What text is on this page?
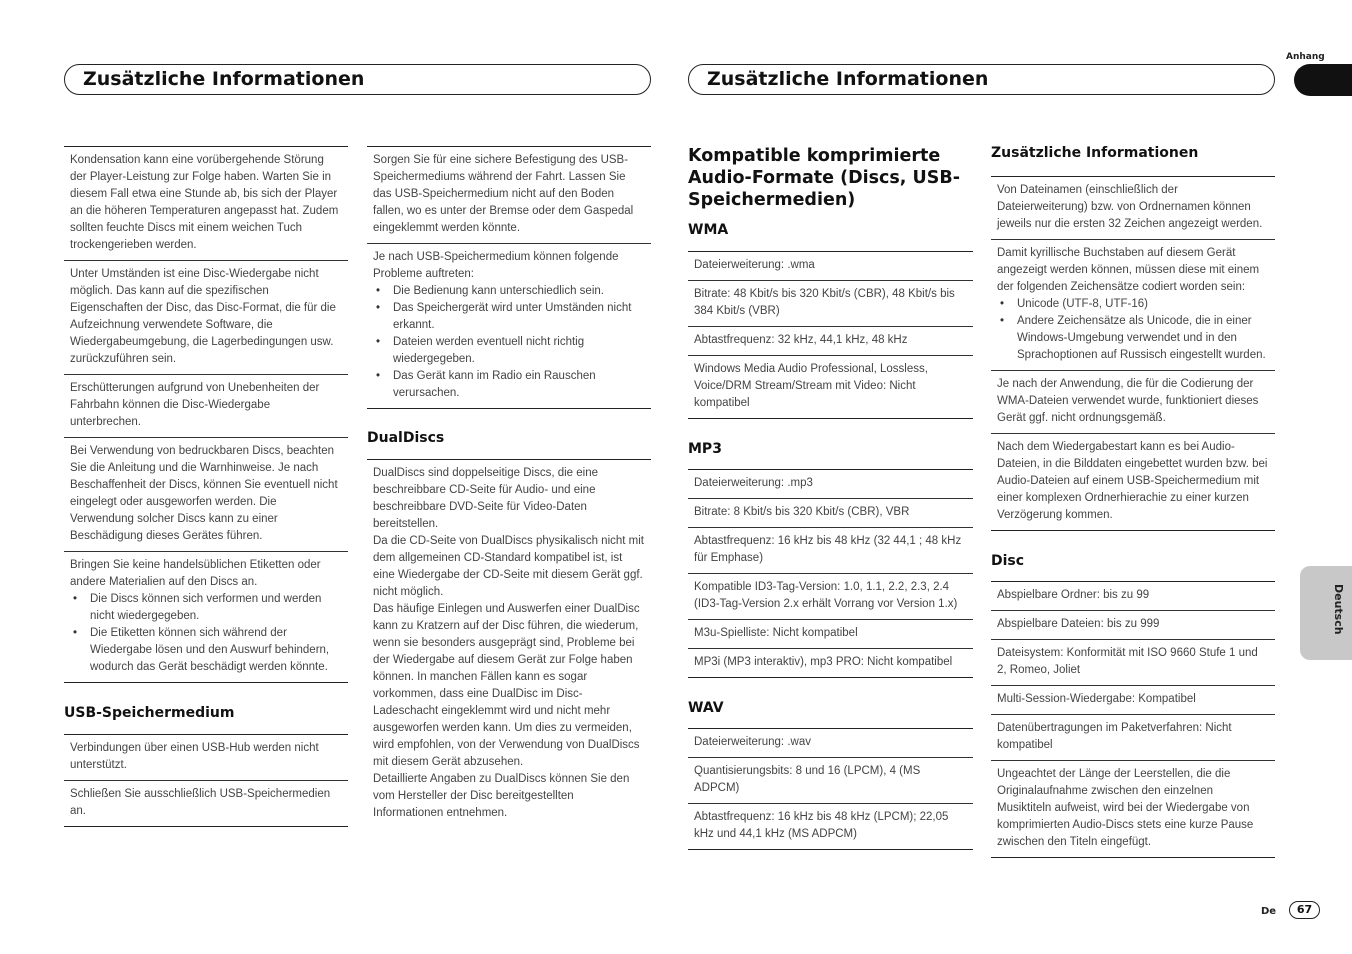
Zusätzliche Informationen	Zusätzliche Informationen
Anhang
Deutsch
Kondensation kann eine vorübergehende Störung der Player-Leistung zur Folge haben. Warten Sie in diesem Fall etwa eine Stunde ab, bis sich der Player an die höheren Temperaturen angepasst hat. Zudem sollten feuchte Discs mit einem weichen Tuch trockengerieben werden.
Unter Umständen ist eine Disc-Wiedergabe nicht möglich. Das kann auf die spezifischen Eigenschaften der Disc, das Disc-Format, die für die Aufzeichnung verwendete Software, die Wiedergabeumgebung, die Lagerbedingungen usw. zurückzuführen sein.
Erschütterungen aufgrund von Unebenheiten der Fahrbahn können die Disc-Wiedergabe unterbrechen.
Bei Verwendung von bedruckbaren Discs, beachten Sie die Anleitung und die Warnhinweise. Je nach Beschaffenheit der Discs, können Sie eventuell nicht eingelegt oder ausgeworfen werden. Die Verwendung solcher Discs kann zu einer Beschädigung dieses Gerätes führen.
Bringen Sie keine handelsüblichen Etiketten oder andere Materialien auf den Discs an.
• Die Discs können sich verformen und werden nicht wiedergegeben.
• Die Etiketten können sich während der Wiedergabe lösen und den Auswurf behindern, wodurch das Gerät beschädigt werden könnte.
USB-Speichermedium
Verbindungen über einen USB-Hub werden nicht unterstützt.
Schließen Sie ausschließlich USB-Speichermedien an.
Sorgen Sie für eine sichere Befestigung des USB-Speichermediums während der Fahrt. Lassen Sie das USB-Speichermedium nicht auf den Boden fallen, wo es unter der Bremse oder dem Gaspedal eingeklemmt werden könnte.
Je nach USB-Speichermedium können folgende Probleme auftreten:
• Die Bedienung kann unterschiedlich sein.
• Das Speichergerät wird unter Umständen nicht erkannt.
• Dateien werden eventuell nicht richtig wiedergegeben.
• Das Gerät kann im Radio ein Rauschen verursachen.
DualDiscs
DualDiscs sind doppelseitige Discs, die eine beschreibbare CD-Seite für Audio- und eine beschreibbare DVD-Seite für Video-Daten bereitstellen.
Da die CD-Seite von DualDiscs physikalisch nicht mit dem allgemeinen CD-Standard kompatibel ist, ist eine Wiedergabe der CD-Seite mit diesem Gerät ggf. nicht möglich.
Das häufige Einlegen und Auswerfen einer DualDisc kann zu Kratzern auf der Disc führen, die wiederum, wenn sie besonders ausgeprägt sind, Probleme bei der Wiedergabe auf diesem Gerät zur Folge haben können. In manchen Fällen kann es sogar vorkommen, dass eine DualDisc im Disc-Ladeschacht eingeklemmt wird und nicht mehr ausgeworfen werden kann. Um dies zu vermeiden, wird empfohlen, von der Verwendung von DualDiscs mit diesem Gerät abzusehen.
Detaillierte Angaben zu DualDiscs können Sie den vom Hersteller der Disc bereitgestellten Informationen entnehmen.
Kompatible komprimierte Audio-Formate (Discs, USB-Speichermedien)
WMA
Dateierweiterung: .wma
Bitrate: 48 Kbit/s bis 320 Kbit/s (CBR), 48 Kbit/s bis 384 Kbit/s (VBR)
Abtastfrequenz: 32 kHz, 44,1 kHz, 48 kHz
Windows Media Audio Professional, Lossless, Voice/DRM Stream/Stream mit Video: Nicht kompatibel
MP3
Dateierweiterung: .mp3
Bitrate: 8 Kbit/s bis 320 Kbit/s (CBR), VBR
Abtastfrequenz: 16 kHz bis 48 kHz (32 44,1 ; 48 kHz für Emphase)
Kompatible ID3-Tag-Version: 1.0, 1.1, 2.2, 2.3, 2.4 (ID3-Tag-Version 2.x erhält Vorrang vor Version 1.x)
M3u-Spielliste: Nicht kompatibel
MP3i (MP3 interaktiv), mp3 PRO: Nicht kompatibel
WAV
Dateierweiterung: .wav
Quantisierungsbits: 8 und 16 (LPCM), 4 (MS ADPCM)
Abtastfrequenz: 16 kHz bis 48 kHz (LPCM); 22,05 kHz und 44,1 kHz (MS ADPCM)
Zusätzliche Informationen
Von Dateinamen (einschließlich der Dateierweiterung) bzw. von Ordnernamen können jeweils nur die ersten 32 Zeichen angezeigt werden.
Damit kyrillische Buchstaben auf diesem Gerät angezeigt werden können, müssen diese mit einem der folgenden Zeichensätze codiert worden sein:
• Unicode (UTF-8, UTF-16)
• Andere Zeichensätze als Unicode, die in einer Windows-Umgebung verwendet und in den Sprachoptionen auf Russisch eingestellt wurden.
Je nach der Anwendung, die für die Codierung der WMA-Dateien verwendet wurde, funktioniert dieses Gerät ggf. nicht ordnungsgemäß.
Nach dem Wiedergabestart kann es bei Audio-Dateien, in die Bilddaten eingebettet wurden bzw. bei Audio-Dateien auf einem USB-Speichermedium mit einer komplexen Ordnerhierachie zu einer kurzen Verzögerung kommen.
Disc
Abspielbare Ordner: bis zu 99
Abspielbare Dateien: bis zu 999
Dateisystem: Konformität mit ISO 9660 Stufe 1 und 2, Romeo, Joliet
Multi-Session-Wiedergabe: Kompatibel
Datenübertragungen im Paketverfahren: Nicht kompatibel
Ungeachtet der Länge der Leerstellen, die die Originalaufnahme zwischen den einzelnen Musiktiteln aufweist, wird bei der Wiedergabe von komprimierten Audio-Discs stets eine kurze Pause zwischen den Titeln eingefügt.
De	67
